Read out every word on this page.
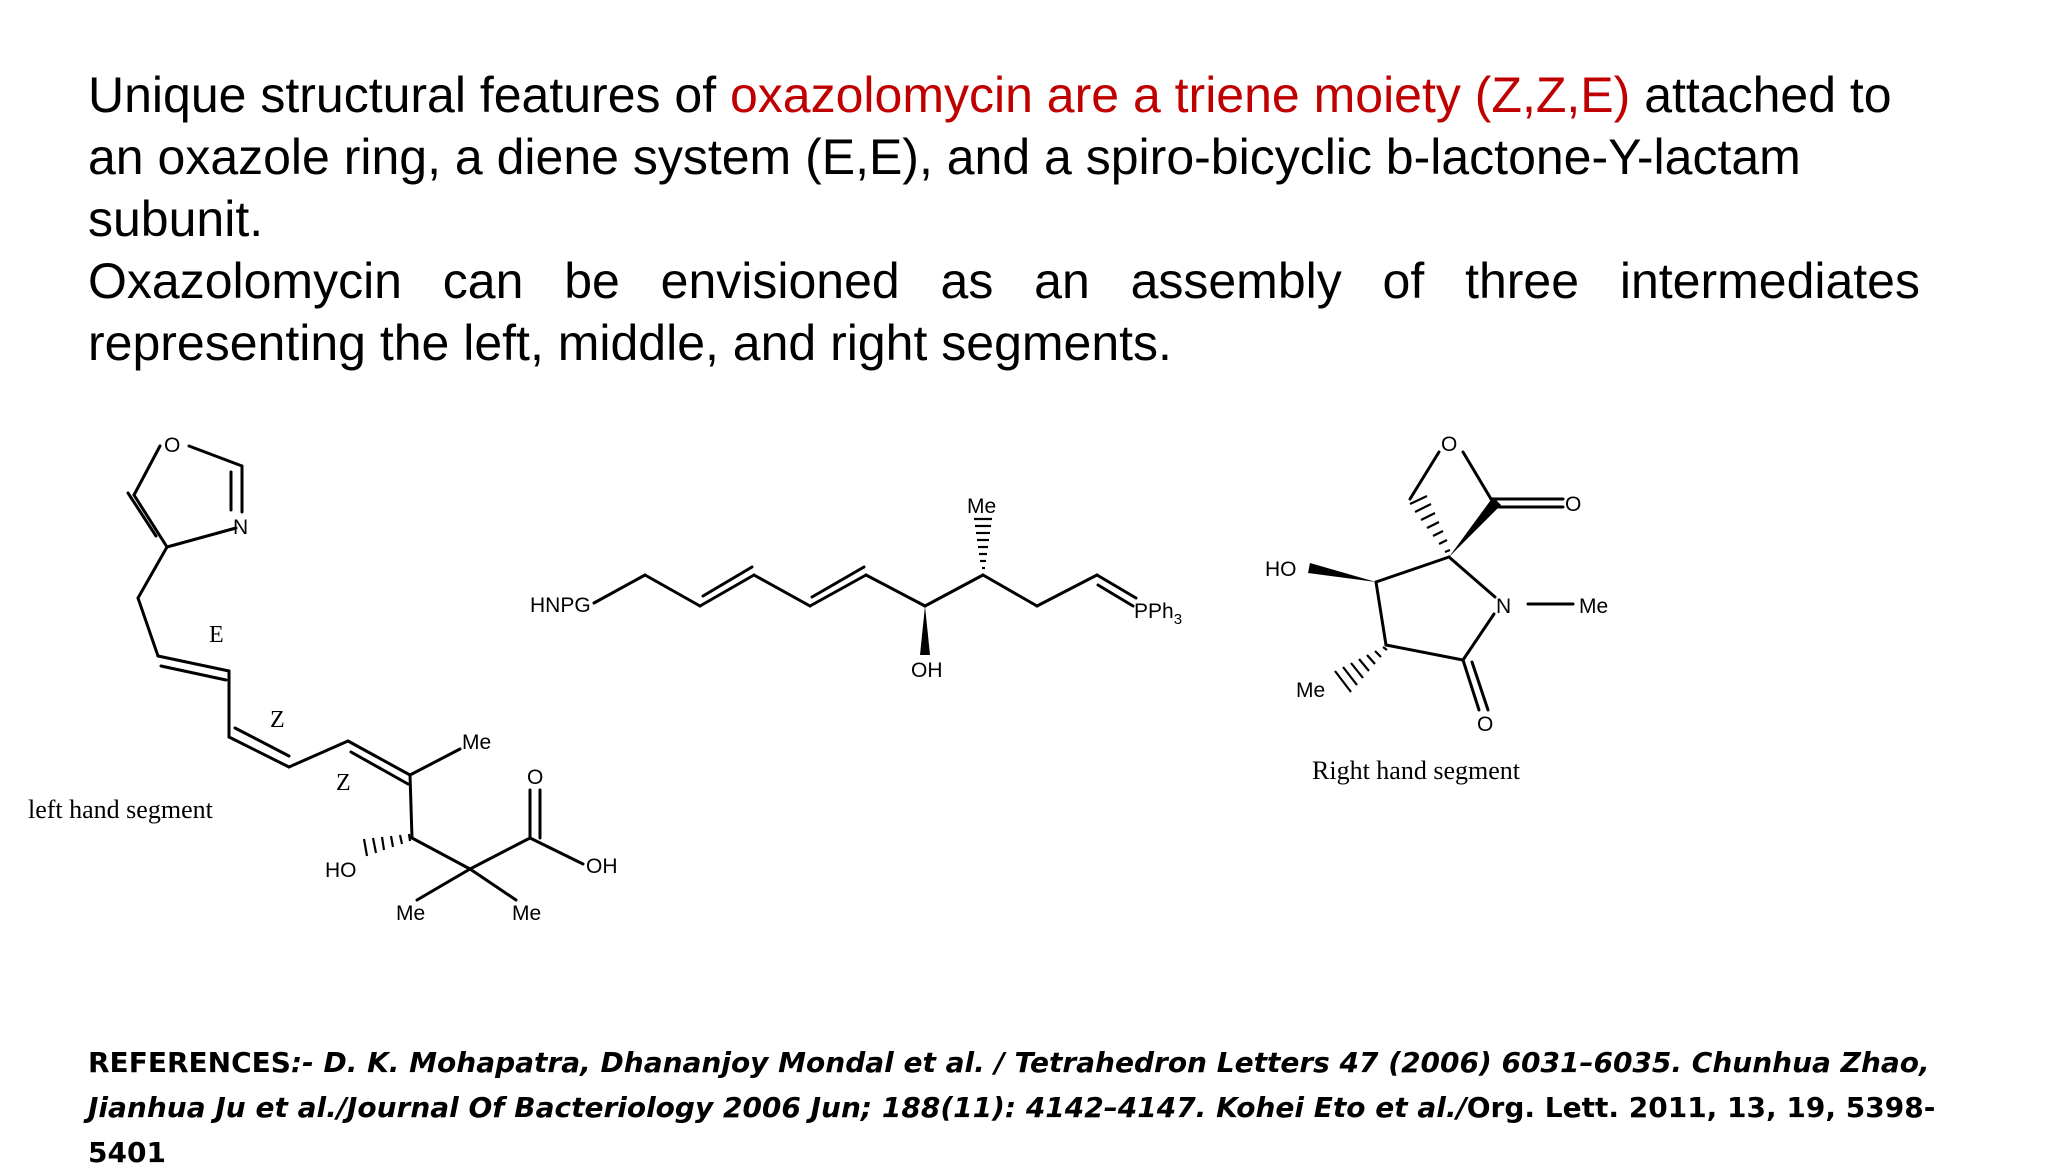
Unique structural features of oxazolomycin are a triene moiety (Z,Z,E) attached to an oxazole ring, a diene system (E,E), and a spiro-bicyclic b-lactone-Y-lactam subunit.
Oxazolomycin can be envisioned as an assembly of three intermediates representing the left, middle, and right segments.
O
N
E
Z
Z
Me
O
OH
HO
Me	Me
left hand segment
HNPG
Me
OH
PPh$_3$
O
O
HO
N	Me
Me
O
Right hand segment
REFERENCES:- D. K. Mohapatra, Dhananjoy Mondal et al. / Tetrahedron Letters 47 (2006) 6031–6035. Chunhua Zhao, Jianhua Ju et al./Journal Of Bacteriology 2006 Jun; 188(11): 4142–4147. Kohei Eto et al./Org. Lett. 2011, 13, 19, 5398-5401
